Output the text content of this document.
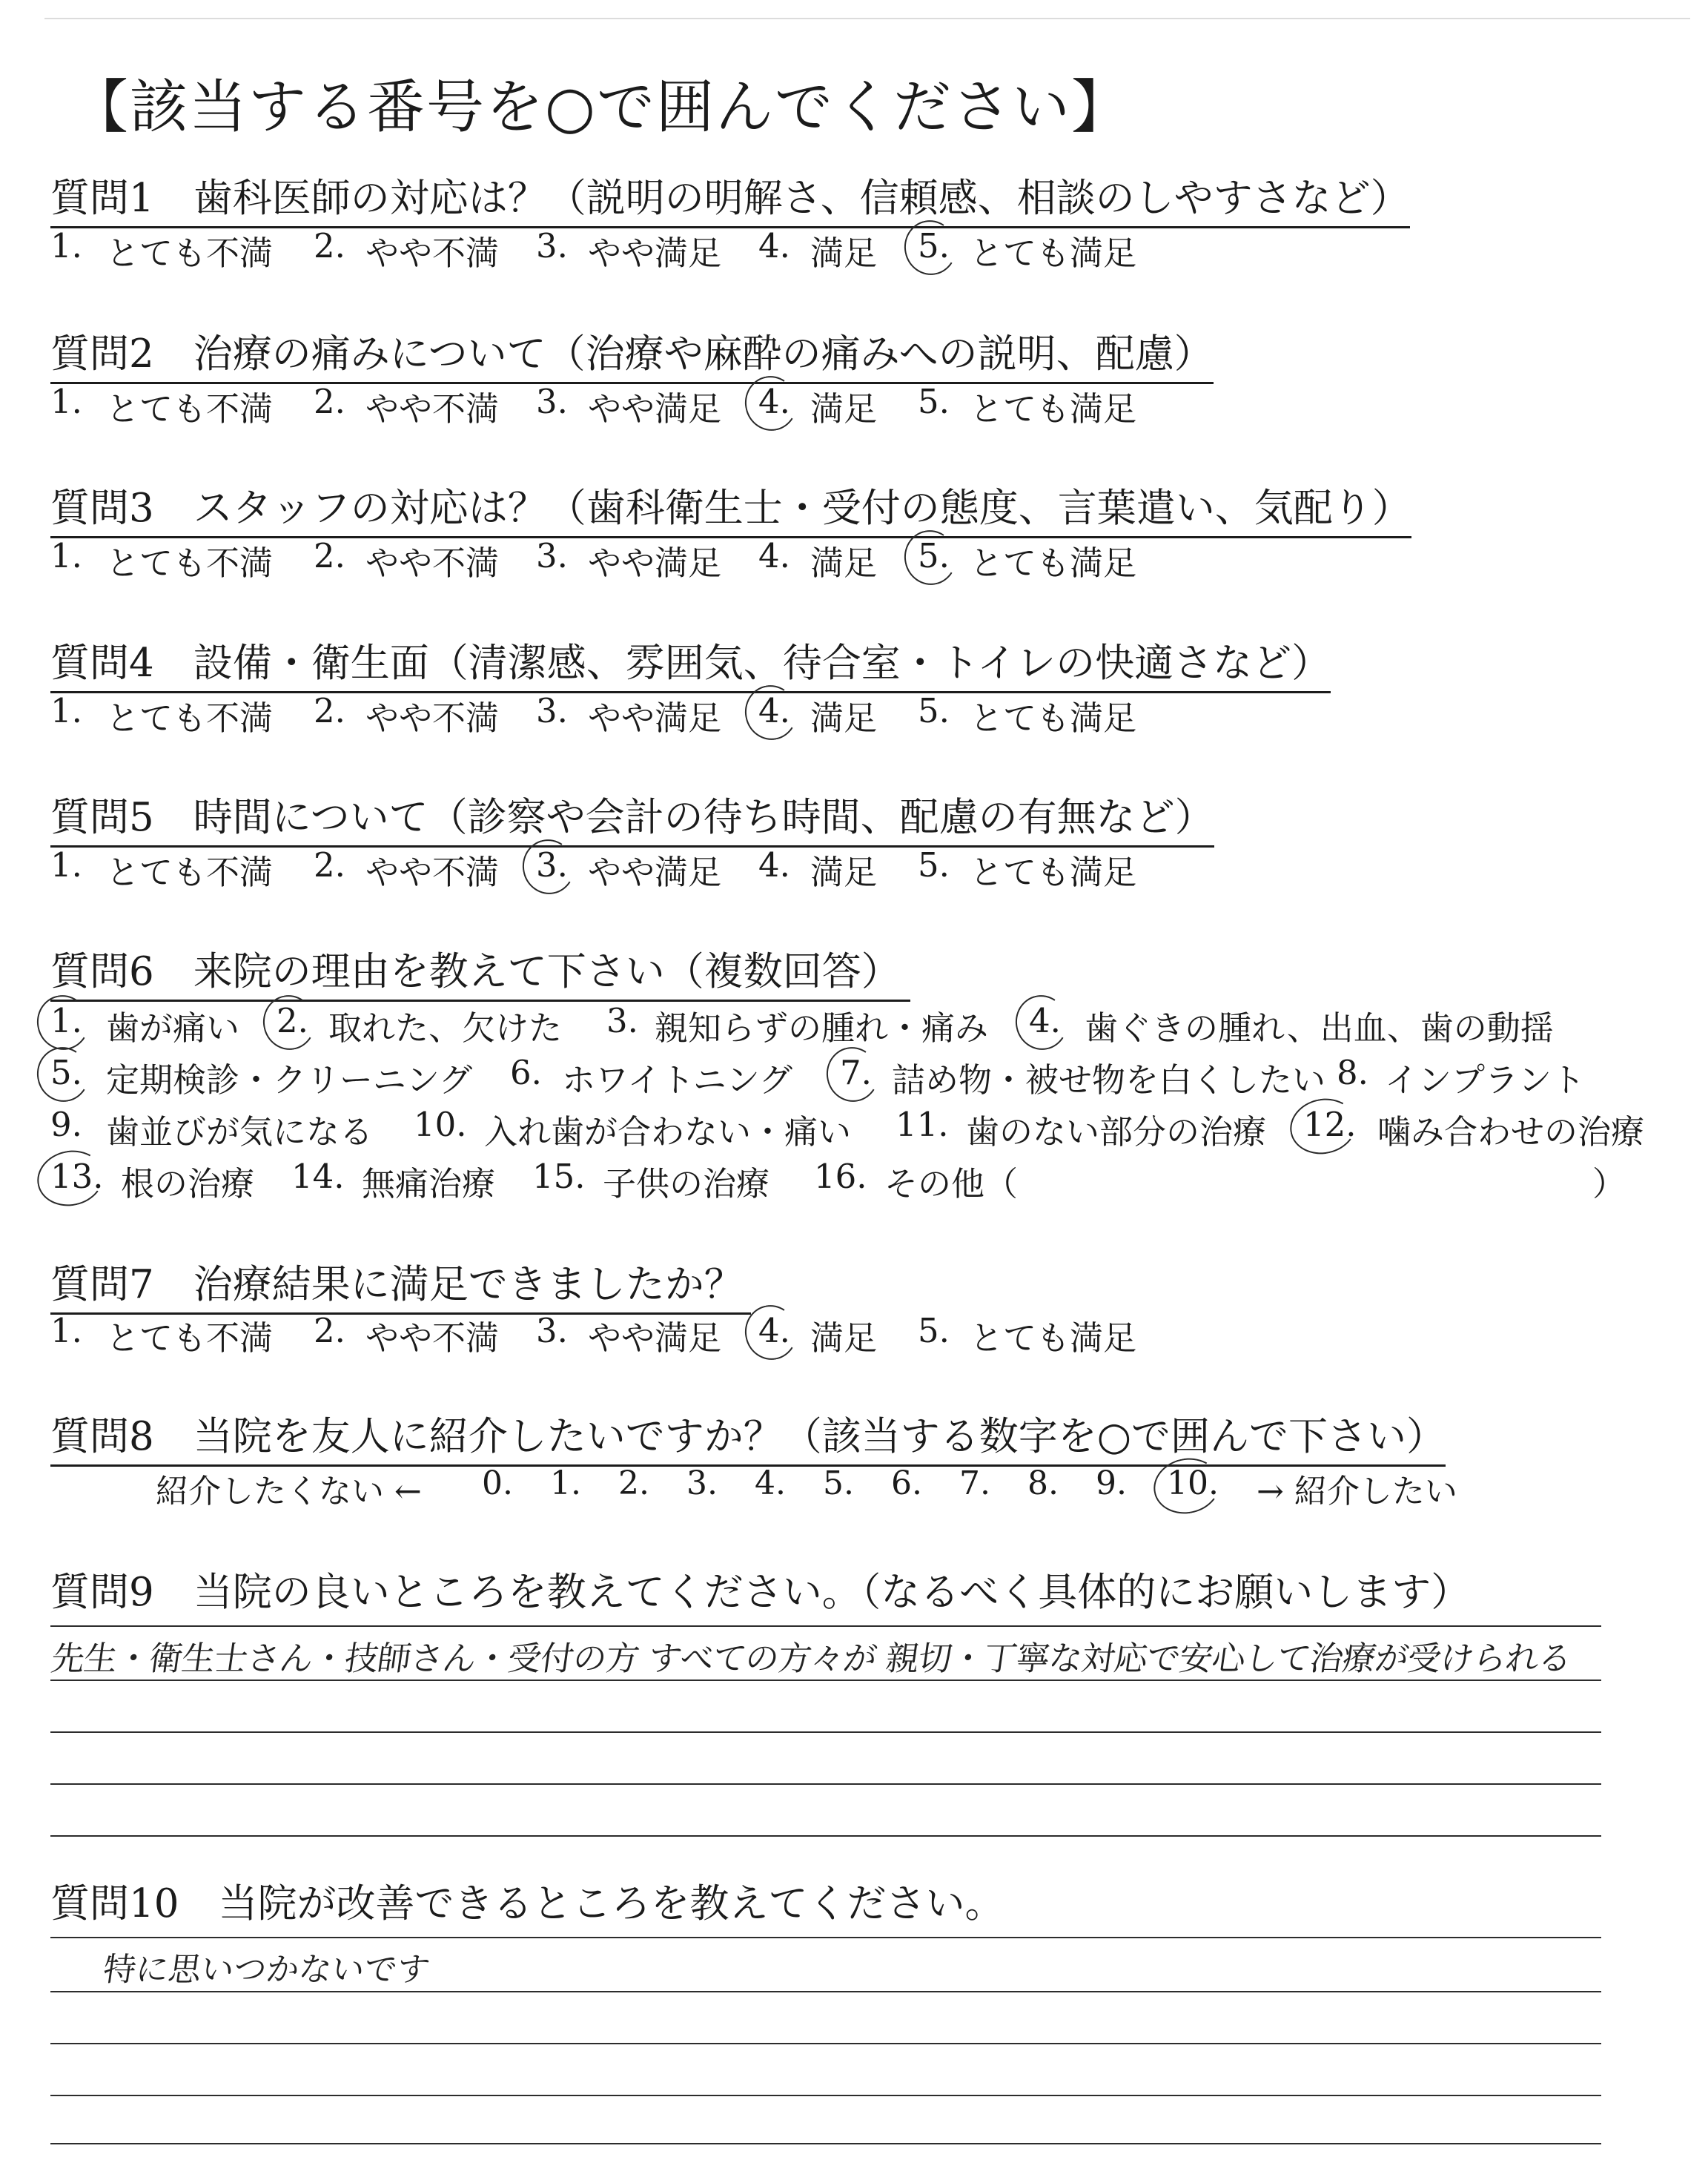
【該当する番号を○で囲んでください】
質問1　歯科医師の対応は？（説明の明解さ、信頼感、相談のしやすさなど）
1. とても不満 2. やや不満 3. やや満足 4. 満足 5. とても満足
質問2　治療の痛みについて（治療や麻酔の痛みへの説明、配慮）
1. とても不満 2. やや不満 3. やや満足 4. 満足 5. とても満足
質問3　スタッフの対応は？（歯科衛生士・受付の態度、言葉遣い、気配り）
1. とても不満 2. やや不満 3. やや満足 4. 満足 5. とても満足
質問4　設備・衛生面（清潔感、雰囲気、待合室・トイレの快適さなど）
1. とても不満 2. やや不満 3. やや満足 4. 満足 5. とても満足
質問5　時間について（診察や会計の待ち時間、配慮の有無など）
1. とても不満 2. やや不満 3. やや満足 4. 満足 5. とても満足
質問6　来院の理由を教えて下さい（複数回答）
1. 歯が痛い 2. 取れた、欠けた 3. 親知らずの腫れ・痛み 4. 歯ぐきの腫れ、出血、歯の動揺
5. 定期検診・クリーニング 6. ホワイトニング 7. 詰め物・被せ物を白くしたい 8. インプラント
9. 歯並びが気になる 10. 入れ歯が合わない・痛い 11. 歯のない部分の治療 12. 噛み合わせの治療
13. 根の治療 14. 無痛治療 15. 子供の治療 16. その他（	）
質問7　治療結果に満足できましたか？
1. とても不満 2. やや不満 3. やや満足 4. 満足 5. とても満足
質問8　当院を友人に紹介したいですか？（該当する数字を○で囲んで下さい）
紹介したくない ← 0. 1. 2. 3. 4. 5. 6. 7. 8. 9. 10. → 紹介したい
質問9　当院の良いところを教えてください。（なるべく具体的にお願いします）
先生・衛生士さん・技師さん・受付の方 すべての方々が 親切・丁寧な対応で安心して治療が受けられる
質問10　当院が改善できるところを教えてください。
特に思いつかないです
